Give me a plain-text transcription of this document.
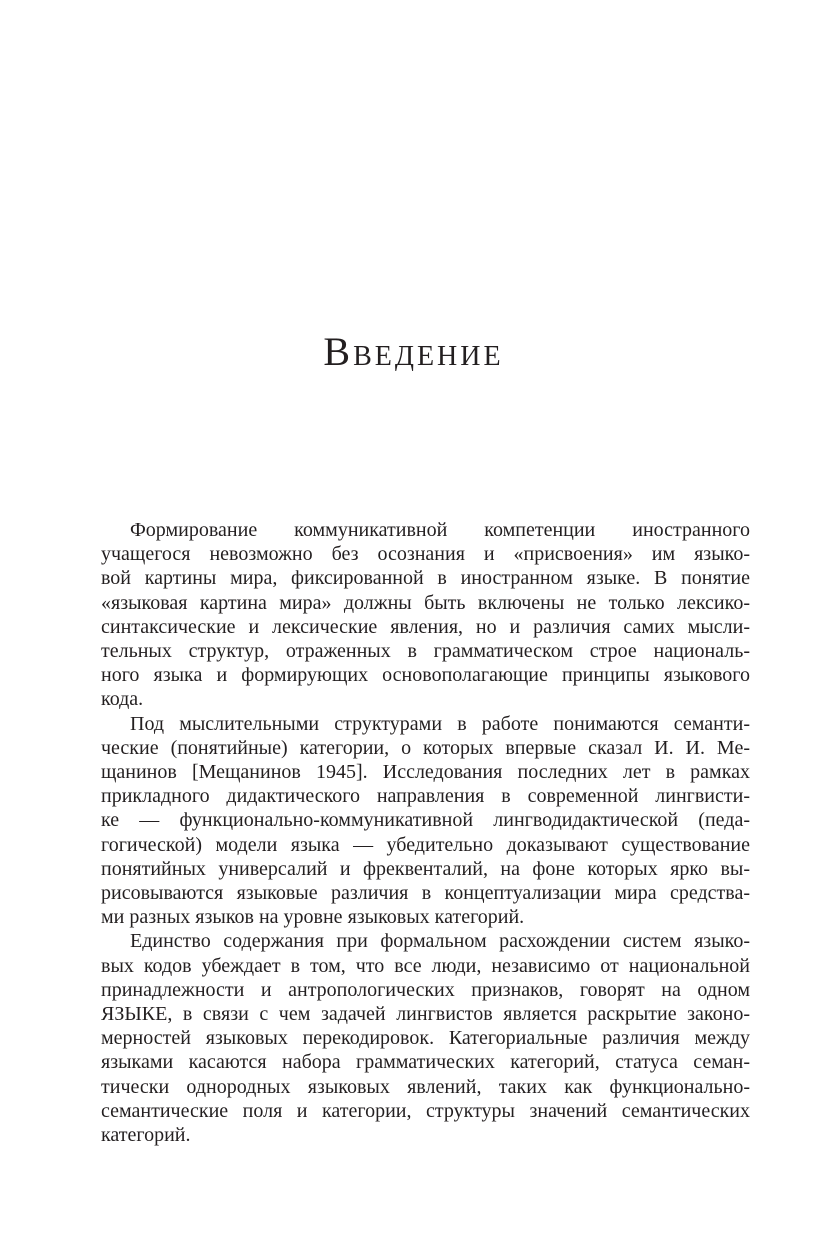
Введение

Формирование коммуникативной компетенции иностранного
учащегося невозможно без осознания и «присвоения» им языко-
вой картины мира, фиксированной в иностранном языке. В понятие
«языковая картина мира» должны быть включены не только лексико-
синтаксические и лексические явления, но и различия самих мысли-
тельных структур, отраженных в грамматическом строе националь-
ного языка и формирующих основополагающие принципы языкового
кода.

Под мыслительными структурами в работе понимаются семанти-
ческие (понятийные) категории, о которых впервые сказал И. И. Ме-
щанинов [Мещанинов 1945]. Исследования последних лет в рамках
прикладного дидактического направления в современной лингвисти-
ке — функционально-коммуникативной лингводидактической (педа-
гогической) модели языка — убедительно доказывают существование
понятийных универсалий и фреквенталий, на фоне которых ярко вы-
рисовываются языковые различия в концептуализации мира средства-
ми разных языков на уровне языковых категорий.

Единство содержания при формальном расхождении систем языко-
вых кодов убеждает в том, что все люди, независимо от национальной
принадлежности и антропологических признаков, говорят на одном
ЯЗЫКЕ, в связи с чем задачей лингвистов является раскрытие законо-
мерностей языковых перекодировок. Категориальные различия между
языками касаются набора грамматических категорий, статуса семан-
тически однородных языковых явлений, таких как функционально-
семантические поля и категории, структуры значений семантических
категорий.
